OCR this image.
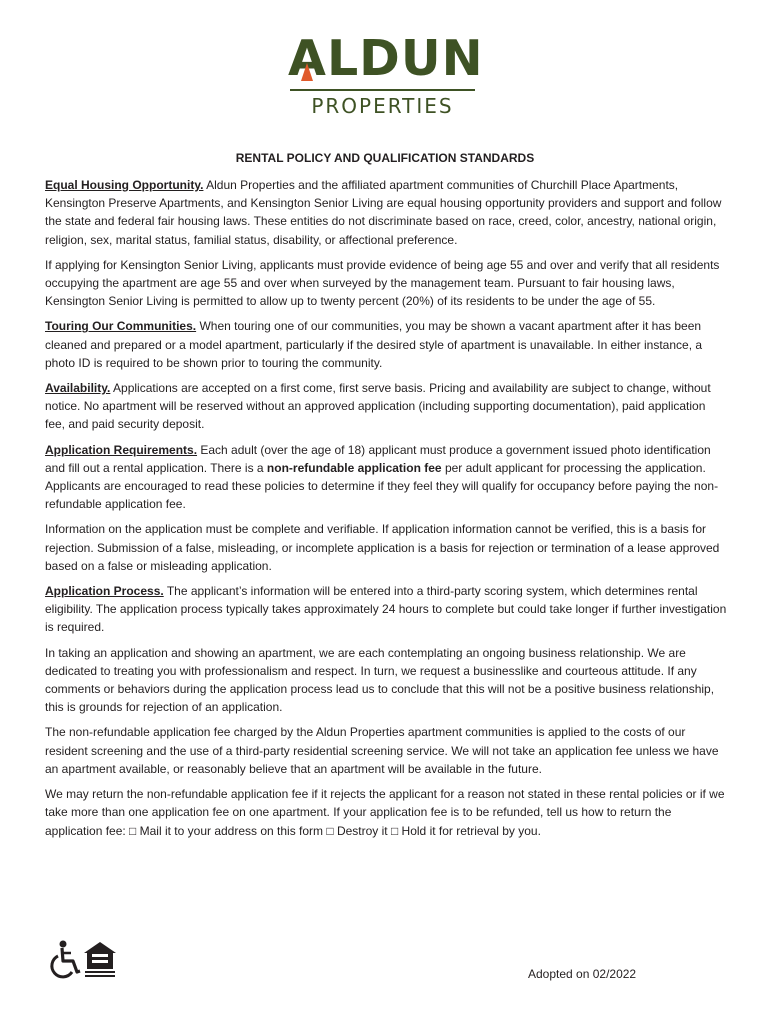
A LDUN
PROPERTIES
RENTAL POLICY AND QUALIFICATION STANDARDS

Equal Housing Opportunity. Aldun Properties and the affiliated apartment communities of Churchill Place Apartments, Kensington Preserve Apartments, and Kensington Senior Living are equal housing opportunity providers and support and follow the state and federal fair housing laws. These entities do not discriminate based on race, creed, color, ancestry, national origin, religion, sex, marital status, familial status, disability, or affectional preference.

If applying for Kensington Senior Living, applicants must provide evidence of being age 55 and over and verify that all residents occupying the apartment are age 55 and over when surveyed by the management team. Pursuant to fair housing laws, Kensington Senior Living is permitted to allow up to twenty percent (20%) of its residents to be under the age of 55.

Touring Our Communities. When touring one of our communities, you may be shown a vacant apartment after it has been cleaned and prepared or a model apartment, particularly if the desired style of apartment is unavailable. In either instance, a photo ID is required to be shown prior to touring the community.

Availability. Applications are accepted on a first come, first serve basis. Pricing and availability are subject to change, without notice. No apartment will be reserved without an approved application (including supporting documentation), paid application fee, and paid security deposit.

Application Requirements. Each adult (over the age of 18) applicant must produce a government issued photo identification and fill out a rental application. There is a non-refundable application fee per adult applicant for processing the application. Applicants are encouraged to read these policies to determine if they feel they will qualify for occupancy before paying the non-refundable application fee.

Information on the application must be complete and verifiable. If application information cannot be verified, this is a basis for rejection. Submission of a false, misleading, or incomplete application is a basis for rejection or termination of a lease approved based on a false or misleading application.

Application Process. The applicant’s information will be entered into a third-party scoring system, which determines rental eligibility. The application process typically takes approximately 24 hours to complete but could take longer if further investigation is required.

In taking an application and showing an apartment, we are each contemplating an ongoing business relationship. We are dedicated to treating you with professionalism and respect. In turn, we request a businesslike and courteous attitude. If any comments or behaviors during the application process lead us to conclude that this will not be a positive business relationship, this is grounds for rejection of an application.

The non-refundable application fee charged by the Aldun Properties apartment communities is applied to the costs of our resident screening and the use of a third-party residential screening service. We will not take an application fee unless we have an apartment available, or reasonably believe that an apartment will be available in the future.

We may return the non-refundable application fee if it rejects the applicant for a reason not stated in these rental policies or if we take more than one application fee on one apartment. If your application fee is to be refunded, tell us how to return the application fee: □ Mail it to your address on this form □ Destroy it □ Hold it for retrieval by you.

Adopted on 02/2022
